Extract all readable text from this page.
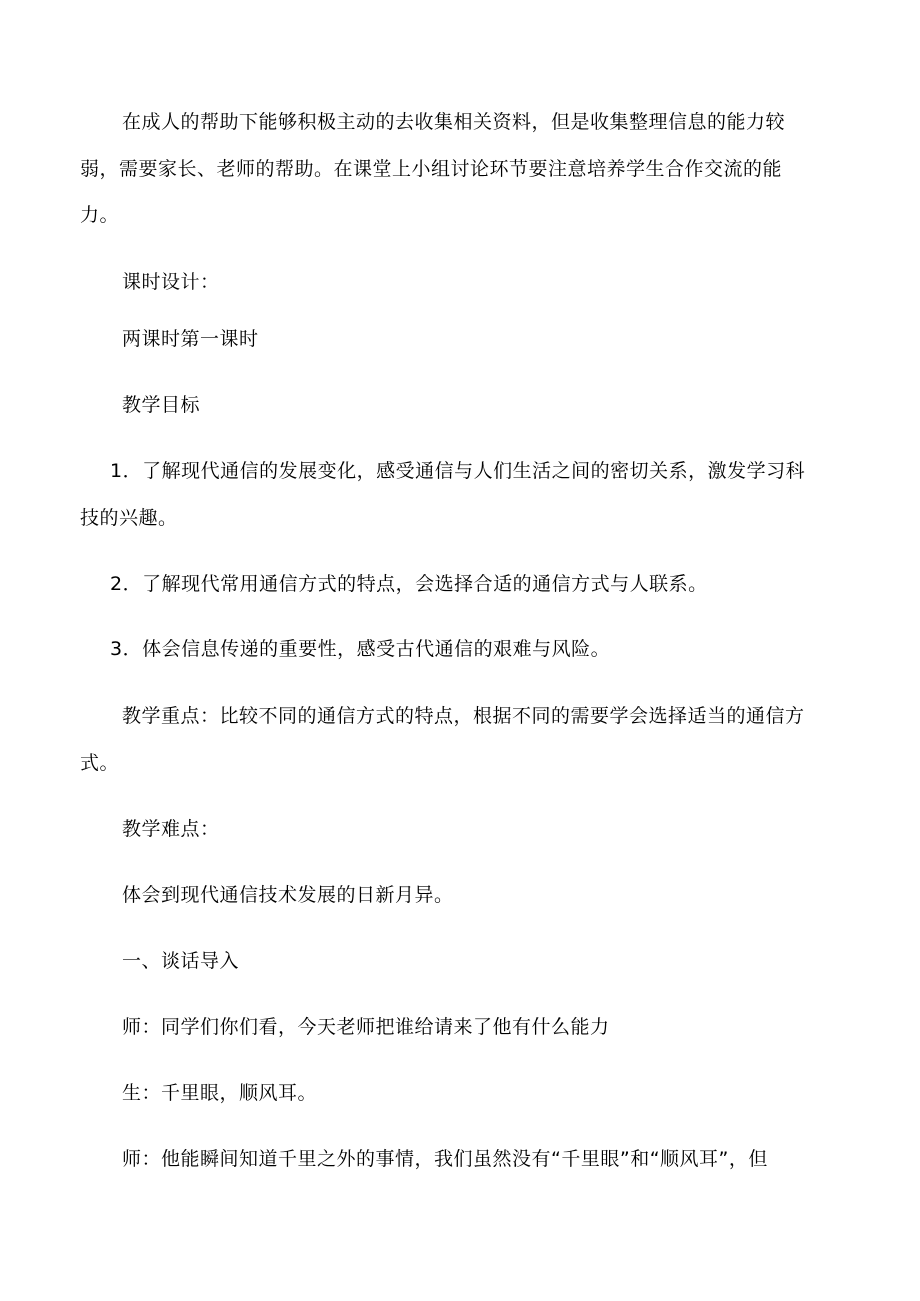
在成人的帮助下能够积极主动的去收集相关资料，但是收集整理信息的能力较
弱，需要家长、老师的帮助。在课堂上小组讨论环节要注意培养学生合作交流的能
力。
课时设计：
两课时第一课时
教学目标
1．了解现代通信的发展变化，感受通信与人们生活之间的密切关系，激发学习科
技的兴趣。
2．了解现代常用通信方式的特点，会选择合适的通信方式与人联系。
3．体会信息传递的重要性，感受古代通信的艰难与风险。
教学重点：比较不同的通信方式的特点，根据不同的需要学会选择适当的通信方
式。
教学难点：
体会到现代通信技术发展的日新月异。
一、谈话导入
师：同学们你们看，今天老师把谁给请来了他有什么能力
生：千里眼，顺风耳。
师：他能瞬间知道千里之外的事情，我们虽然没有“千里眼”和“顺风耳”，但
